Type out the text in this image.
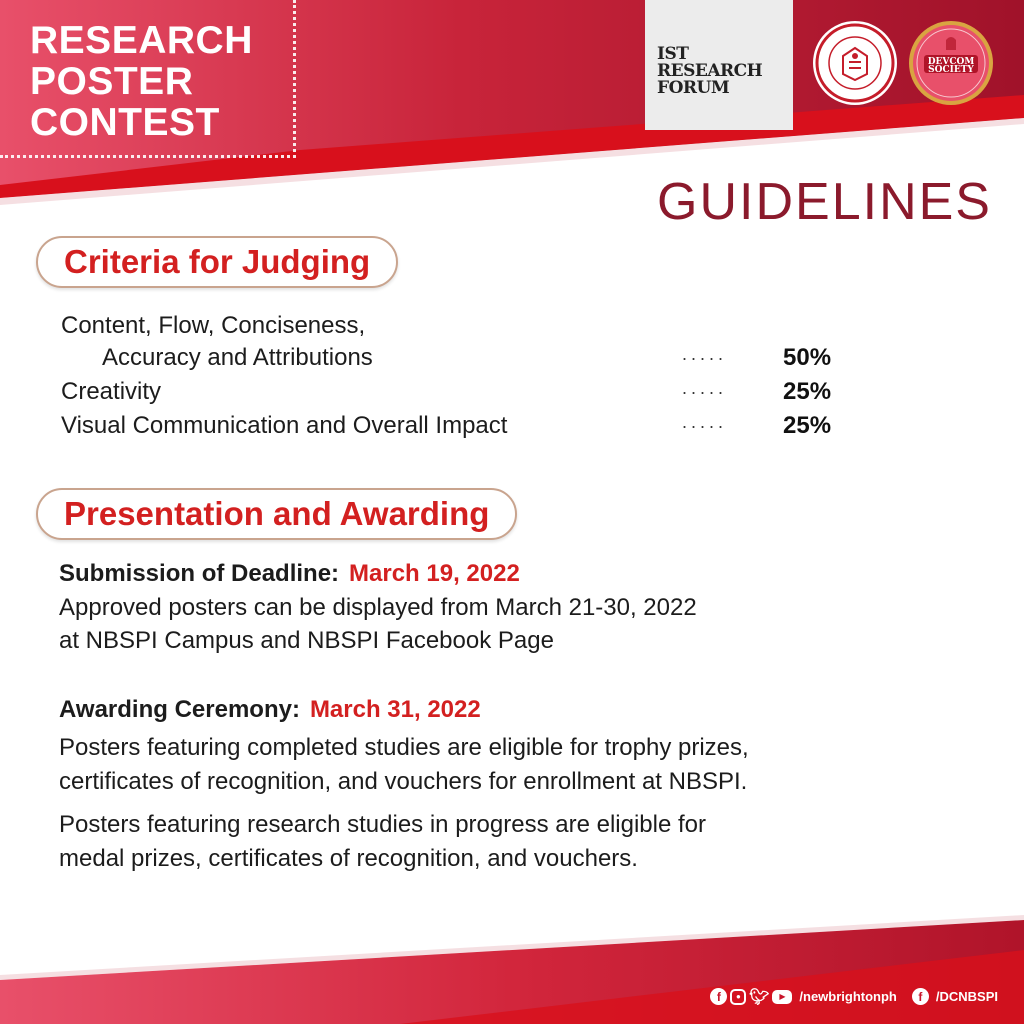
RESEARCH
POSTER
CONTEST
IST
RESEARCH
FORUM
DEVCOM
SOCIETY
GUIDELINES
Criteria for Judging
Content, Flow, Conciseness,
Accuracy and Attributions	..... 50%
Creativity	..... 25%
Visual Communication and Overall Impact	..... 25%
Presentation and Awarding
Submission of Deadline: March 19, 2022
Approved posters can be displayed from March 21-30, 2022
at NBSPI Campus and NBSPI Facebook Page
Awarding Ceremony: March 31, 2022
Posters featuring completed studies are eligible for trophy prizes,
certificates of recognition, and vouchers for enrollment at NBSPI.
Posters featuring research studies in progress are eligible for
medal prizes, certificates of recognition, and vouchers.
f	● 🐦︎	▶	/newbrightonph	f	/DCNBSPI
